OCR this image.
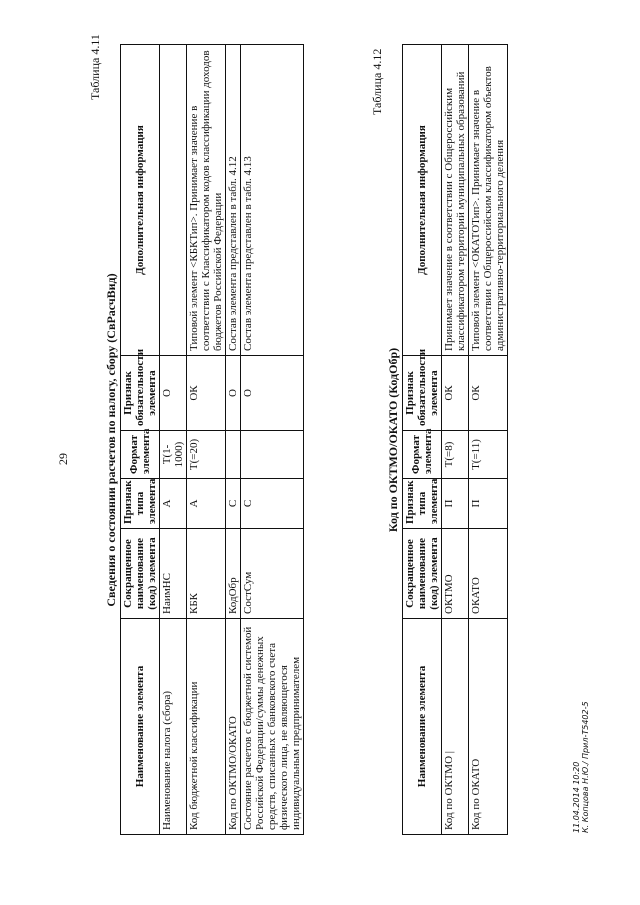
29
Таблица 4.11
Сведения о состоянии расчетов по налогу, сбору (СвРасчВид)
Наименование элемента	Сокращенное наименование (код) элемента	Признак типа элемента	Формат элемента	Признак обязательности элемента	Дополнительная информация
Наименование налога (сбора)	НаимНС	А	Т(1-1000)	О	
Код бюджетной классификации	КБК	А	Т(=20)	ОК	Типовой элемент <КБКТип>. Принимает значение в соответствии с Классификатором кодов классификации доходов бюджетов Российской Федерации
Код по ОКТМО/ОКАТО	КодОбр	С		О	Состав элемента представлен в табл. 4.12
Состояние расчетов с бюджетной системой Российской Федерации/суммы денежных средств, списанных с банковского счета физического лица, не являющегося индивидуальным предпринимателем	СостСум	С		О	Состав элемента представлен в табл. 4.13
Таблица 4.12
Код по ОКТМО/ОКАТО (КодОбр)
Наименование элемента	Сокращенное наименование (код) элемента	Признак типа элемента	Формат элемента	Признак обязательности элемента	Дополнительная информация
Код по ОКТМО |	ОКТМО	П	Т(=8)	ОК	Принимает значение в соответствии с Общероссийским классификатором территорий муниципальных образований
Код по ОКАТО	ОКАТО	П	Т(=11)	ОК	Типовой элемент <ОКАТОТип>. Принимает значение в соответствии с Общероссийским классификатором объектов административно-территориального деления
11.04.2014 10:20 К. Копцова Н.Ю./ Прил-Т5402-5
